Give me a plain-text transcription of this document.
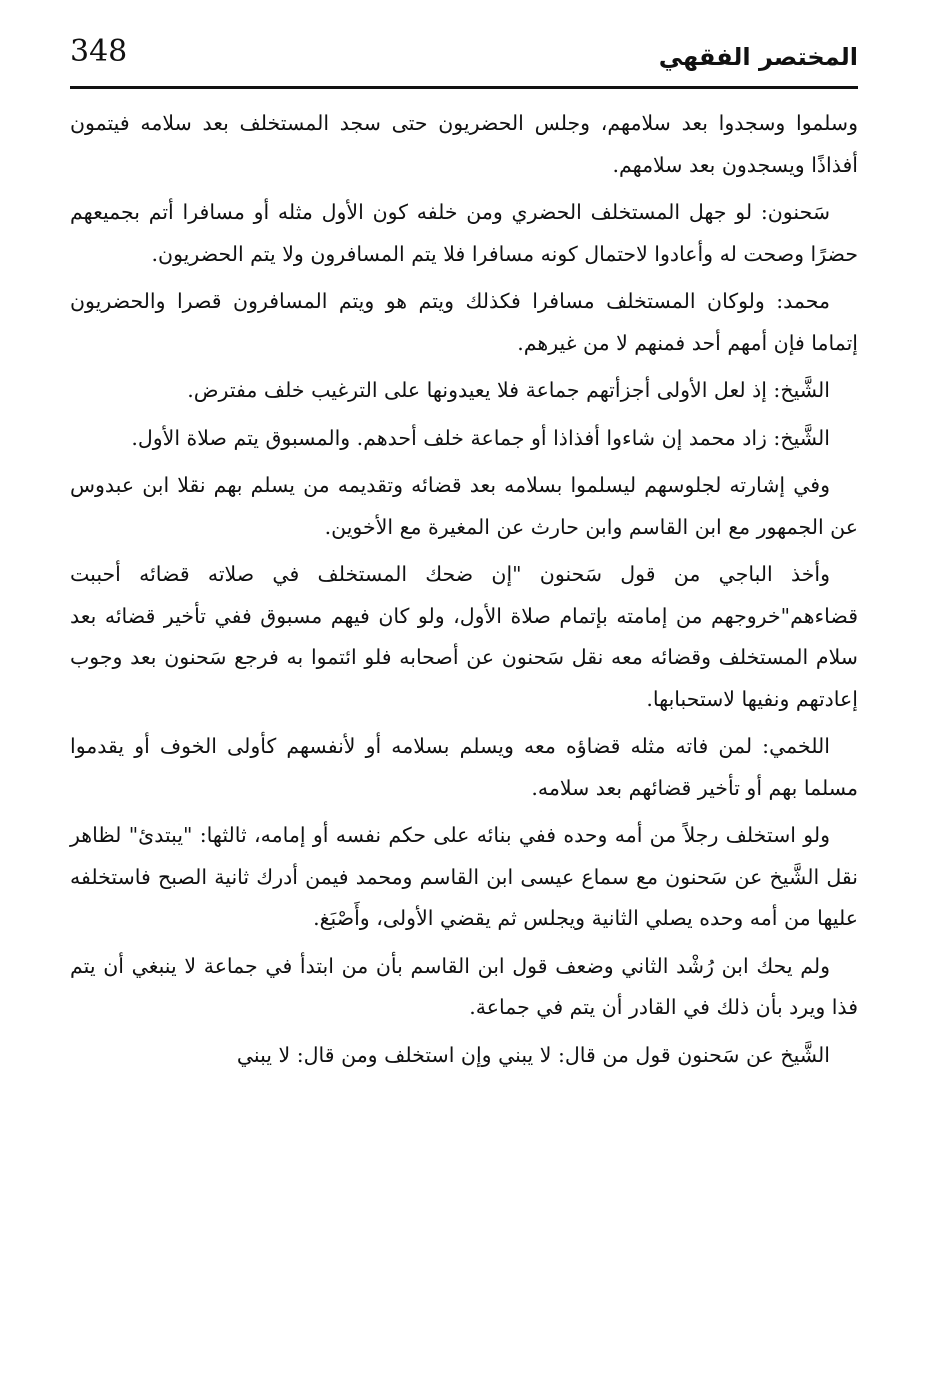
المختصر الفقهي
348

وسلموا وسجدوا بعد سلامهم، وجلس الحضريون حتى سجد المستخلف بعد سلامه فيتمون أفذاذًا ويسجدون بعد سلامهم.

سَحنون: لو جهل المستخلف الحضري ومن خلفه كون الأول مثله أو مسافرا أتم بجميعهم حضرًا وصحت له وأعادوا لاحتمال كونه مسافرا فلا يتم المسافرون ولا يتم الحضريون.

محمد: ولوكان المستخلف مسافرا فكذلك ويتم هو ويتم المسافرون قصرا والحضريون إتماما فإن أمهم أحد فمنهم لا من غيرهم.

الشَّيخ: إذ لعل الأولى أجزأتهم جماعة فلا يعيدونها على الترغيب خلف مفترض.

الشَّيخ: زاد محمد إن شاءوا أفذاذا أو جماعة خلف أحدهم. والمسبوق يتم صلاة الأول.

وفي إشارته لجلوسهم ليسلموا بسلامه بعد قضائه وتقديمه من يسلم بهم نقلا ابن عبدوس عن الجمهور مع ابن القاسم وابن حارث عن المغيرة مع الأخوين.

وأخذ الباجي من قول سَحنون "إن ضحك المستخلف في صلاته قضائه أحببت قضاءهم"خروجهم من إمامته بإتمام صلاة الأول، ولو كان فيهم مسبوق ففي تأخير قضائه بعد سلام المستخلف وقضائه معه نقل سَحنون عن أصحابه فلو ائتموا به فرجع سَحنون بعد وجوب إعادتهم ونفيها لاستحبابها.

اللخمي: لمن فاته مثله قضاؤه معه ويسلم بسلامه أو لأنفسهم كأولى الخوف أو يقدموا مسلما بهم أو تأخير قضائهم بعد سلامه.

ولو استخلف رجلاً من أمه وحده ففي بنائه على حكم نفسه أو إمامه، ثالثها: "يبتدئ" لظاهر نقل الشَّيخ عن سَحنون مع سماع عيسى ابن القاسم ومحمد فيمن أدرك ثانية الصبح فاستخلفه عليها من أمه وحده يصلي الثانية ويجلس ثم يقضي الأولى، وأَصْبَغ.

ولم يحك ابن رُشْد الثاني وضعف قول ابن القاسم بأن من ابتدأ في جماعة لا ينبغي أن يتم فذا ويرد بأن ذلك في القادر أن يتم في جماعة.

الشَّيخ عن سَحنون قول من قال: لا يبني وإن استخلف ومن قال: لا يبني
